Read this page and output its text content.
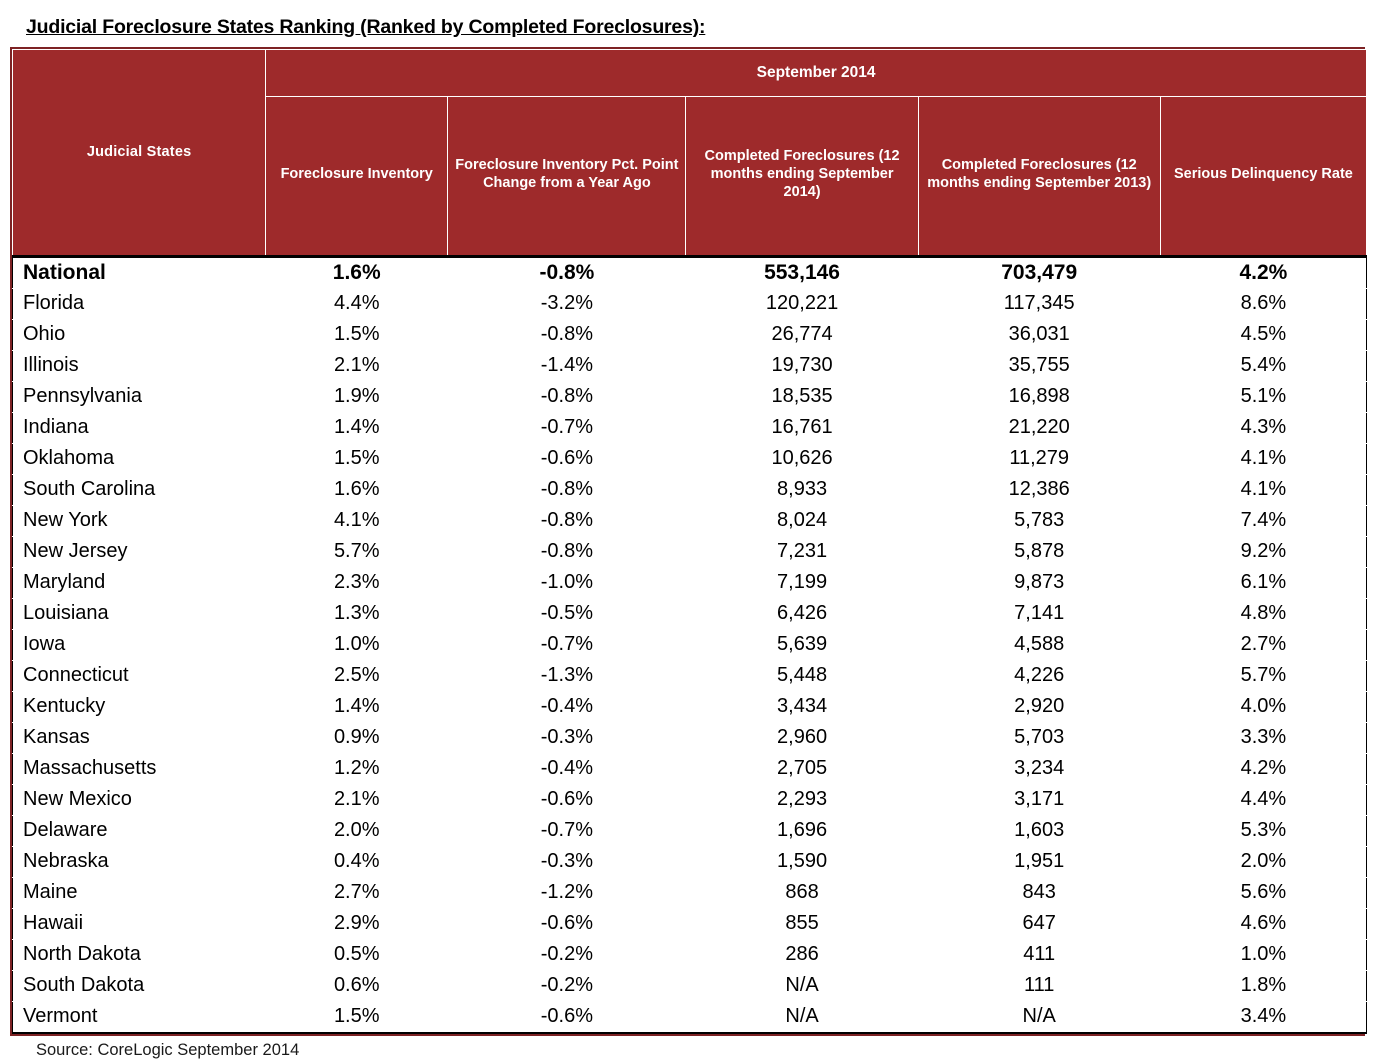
Judicial Foreclosure States Ranking (Ranked by Completed Foreclosures):
Judicial States	September 2014				
	Foreclosure Inventory	Foreclosure Inventory Pct. Point Change from a Year Ago	Completed Foreclosures (12 months ending September 2014)	Completed Foreclosures (12 months ending September 2013)	Serious Delinquency Rate
National	1.6%	-0.8%	553,146	703,479	4.2%
Florida	4.4%	-3.2%	120,221	117,345	8.6%
Ohio	1.5%	-0.8%	26,774	36,031	4.5%
Illinois	2.1%	-1.4%	19,730	35,755	5.4%
Pennsylvania	1.9%	-0.8%	18,535	16,898	5.1%
Indiana	1.4%	-0.7%	16,761	21,220	4.3%
Oklahoma	1.5%	-0.6%	10,626	11,279	4.1%
South Carolina	1.6%	-0.8%	8,933	12,386	4.1%
New York	4.1%	-0.8%	8,024	5,783	7.4%
New Jersey	5.7%	-0.8%	7,231	5,878	9.2%
Maryland	2.3%	-1.0%	7,199	9,873	6.1%
Louisiana	1.3%	-0.5%	6,426	7,141	4.8%
Iowa	1.0%	-0.7%	5,639	4,588	2.7%
Connecticut	2.5%	-1.3%	5,448	4,226	5.7%
Kentucky	1.4%	-0.4%	3,434	2,920	4.0%
Kansas	0.9%	-0.3%	2,960	5,703	3.3%
Massachusetts	1.2%	-0.4%	2,705	3,234	4.2%
New Mexico	2.1%	-0.6%	2,293	3,171	4.4%
Delaware	2.0%	-0.7%	1,696	1,603	5.3%
Nebraska	0.4%	-0.3%	1,590	1,951	2.0%
Maine	2.7%	-1.2%	868	843	5.6%
Hawaii	2.9%	-0.6%	855	647	4.6%
North Dakota	0.5%	-0.2%	286	411	1.0%
South Dakota	0.6%	-0.2%	N/A	111	1.8%
Vermont	1.5%	-0.6%	N/A	N/A	3.4%
Source: CoreLogic September 2014
